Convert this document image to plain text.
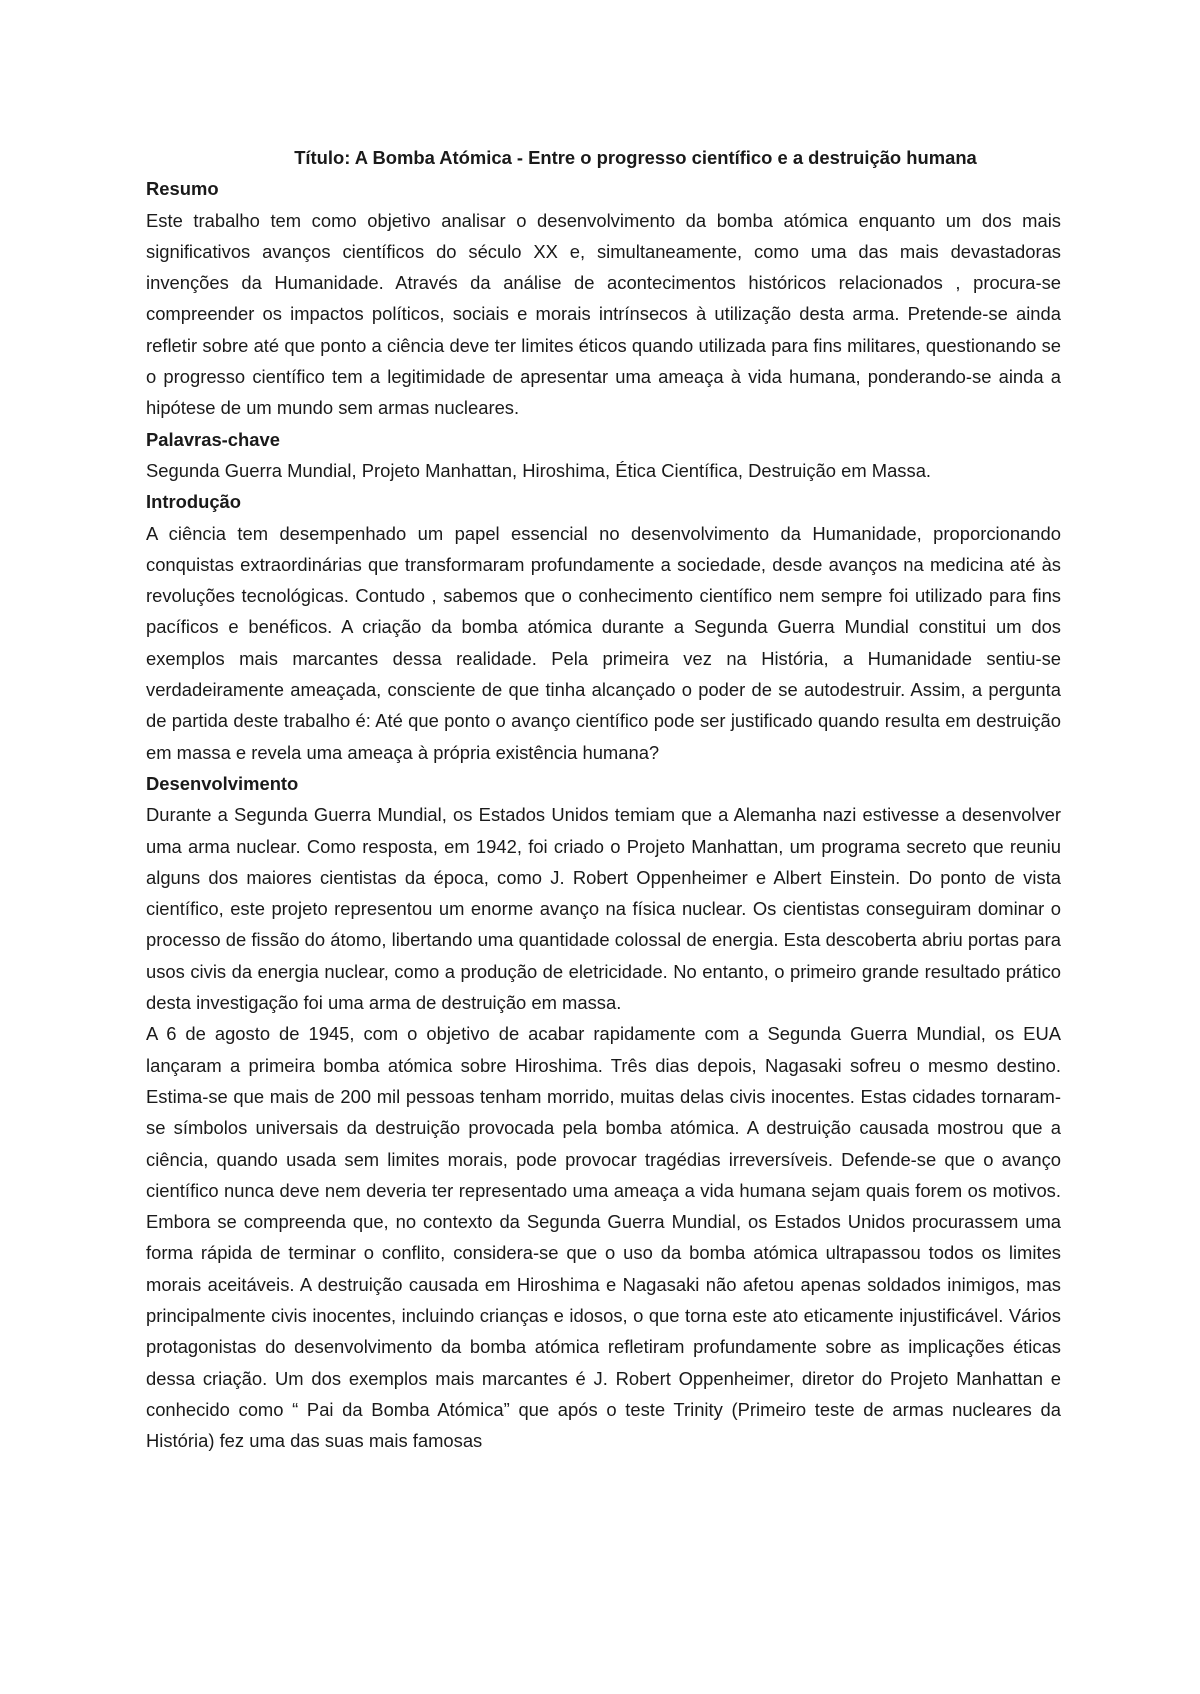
Título: A Bomba Atómica - Entre o progresso científico e a destruição humana

Resumo

Este trabalho tem como objetivo analisar o desenvolvimento da bomba atómica enquanto um dos mais significativos avanços científicos do século XX e, simultaneamente, como uma das mais devastadoras invenções da Humanidade. Através da análise de acontecimentos históricos relacionados , procura-se compreender os impactos políticos, sociais e morais intrínsecos à utilização desta arma. Pretende-se ainda refletir sobre até que ponto a ciência deve ter limites éticos quando utilizada para fins militares, questionando se o progresso científico tem a legitimidade de apresentar uma ameaça à vida humana, ponderando-se ainda a hipótese de um mundo sem armas nucleares.

Palavras-chave

Segunda Guerra Mundial, Projeto Manhattan, Hiroshima, Ética Científica, Destruição em Massa.

Introdução

A ciência tem desempenhado um papel essencial no desenvolvimento da Humanidade, proporcionando conquistas extraordinárias que transformaram profundamente a sociedade, desde avanços na medicina até às revoluções tecnológicas. Contudo , sabemos que o conhecimento científico nem sempre foi utilizado para fins pacíficos e benéficos. A criação da bomba atómica durante a Segunda Guerra Mundial constitui um dos exemplos mais marcantes dessa realidade. Pela primeira vez na História, a Humanidade sentiu-se verdadeiramente ameaçada, consciente de que tinha alcançado o poder de se autodestruir. Assim, a pergunta de partida deste trabalho é: Até que ponto o avanço científico pode ser justificado quando resulta em destruição em massa e revela uma ameaça à própria existência humana?

Desenvolvimento

Durante a Segunda Guerra Mundial, os Estados Unidos temiam que a Alemanha nazi estivesse a desenvolver uma arma nuclear. Como resposta, em 1942, foi criado o Projeto Manhattan, um programa secreto que reuniu alguns dos maiores cientistas da época, como J. Robert Oppenheimer e Albert Einstein. Do ponto de vista científico, este projeto representou um enorme avanço na física nuclear. Os cientistas conseguiram dominar o processo de fissão do átomo, libertando uma quantidade colossal de energia. Esta descoberta abriu portas para usos civis da energia nuclear, como a produção de eletricidade. No entanto, o primeiro grande resultado prático desta investigação foi uma arma de destruição em massa.

A 6 de agosto de 1945, com o objetivo de acabar rapidamente com a Segunda Guerra Mundial, os EUA lançaram a primeira bomba atómica sobre Hiroshima. Três dias depois, Nagasaki sofreu o mesmo destino. Estima-se que mais de 200 mil pessoas tenham morrido, muitas delas civis inocentes. Estas cidades tornaram-se símbolos universais da destruição provocada pela bomba atómica. A destruição causada mostrou que a ciência, quando usada sem limites morais, pode provocar tragédias irreversíveis. Defende-se que o avanço científico nunca deve nem deveria ter representado uma ameaça a vida humana sejam quais forem os motivos. Embora se compreenda que, no contexto da Segunda Guerra Mundial, os Estados Unidos procurassem uma forma rápida de terminar o conflito, considera-se que o uso da bomba atómica ultrapassou todos os limites morais aceitáveis. A destruição causada em Hiroshima e Nagasaki não afetou apenas soldados inimigos, mas principalmente civis inocentes, incluindo crianças e idosos, o que torna este ato eticamente injustificável. Vários protagonistas do desenvolvimento da bomba atómica refletiram profundamente sobre as implicações éticas dessa criação. Um dos exemplos mais marcantes é J. Robert Oppenheimer, diretor do Projeto Manhattan e conhecido como “ Pai da Bomba Atómica” que após o teste Trinity (Primeiro teste de armas nucleares da História) fez uma das suas mais famosas
